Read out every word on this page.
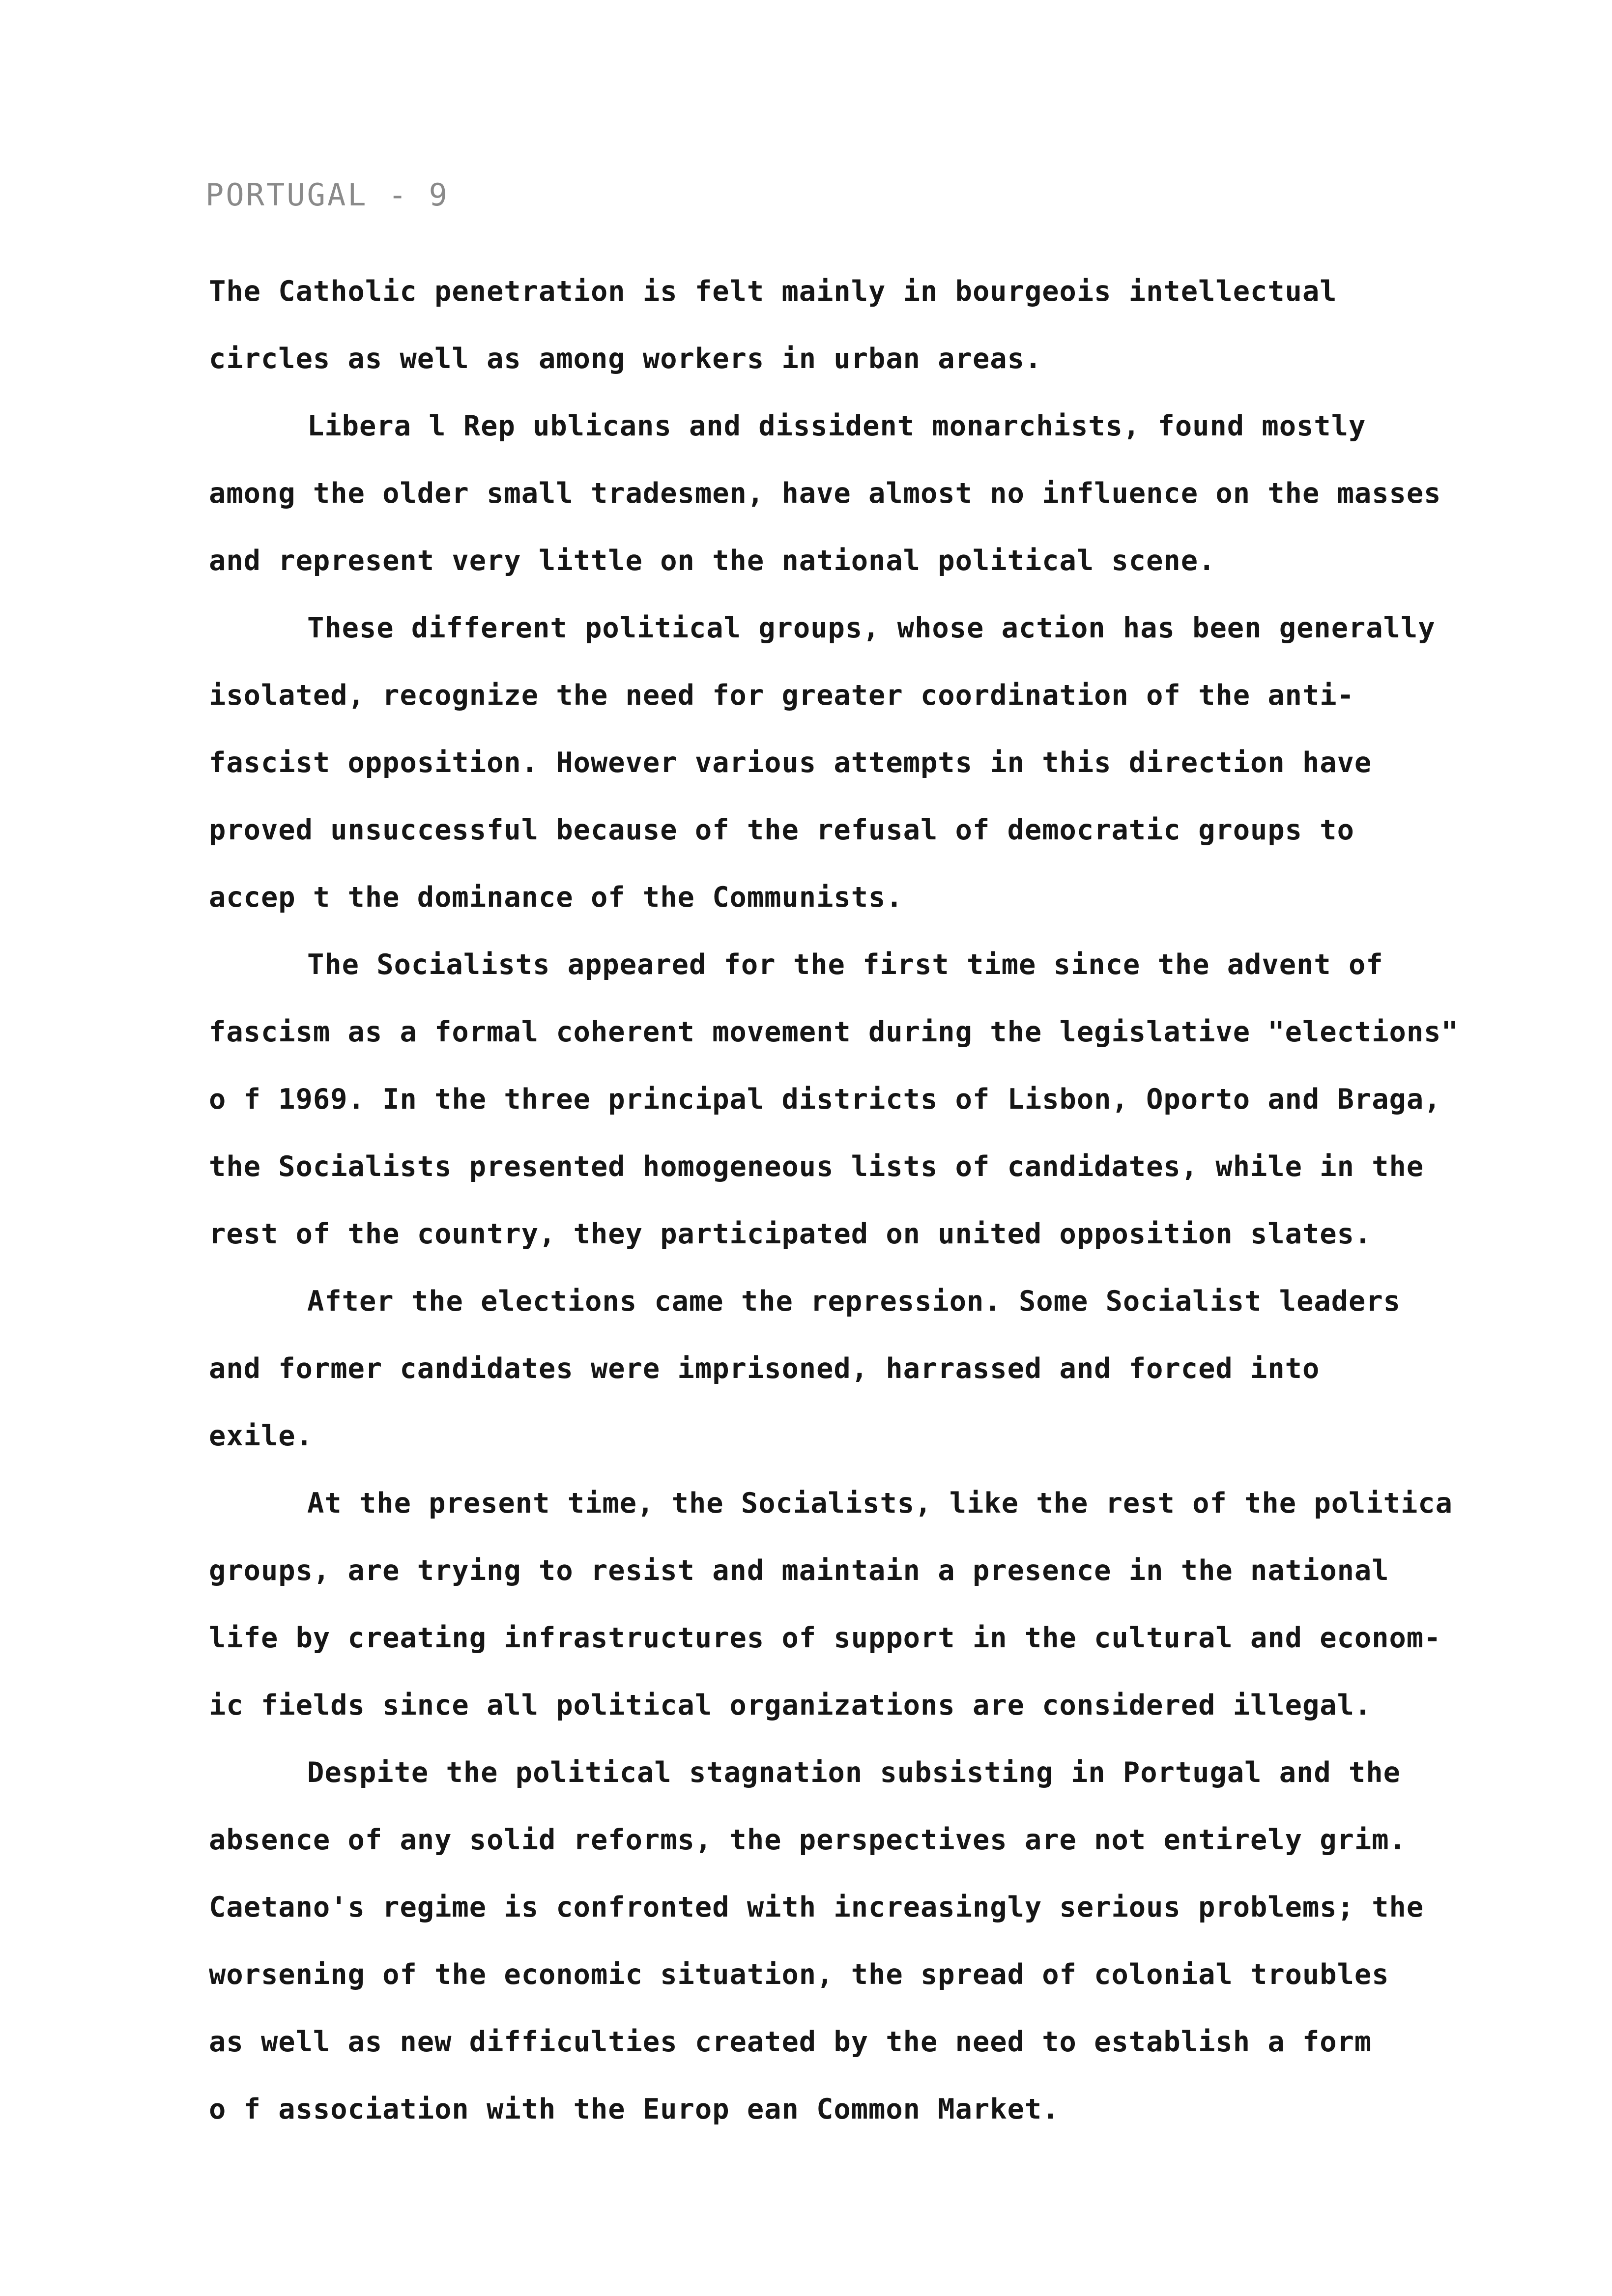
PORTUGAL - 9
The Catholic penetration is felt mainly in bourgeois intellectual
circles as well as among workers in urban areas.
Libera l Rep ublicans and dissident monarchists, found mostly
among the older small tradesmen, have almost no influence on the masses
and represent very little on the national political scene.
These different political groups, whose action has been generally
isolated, recognize the need for greater coordination of the anti-
fascist opposition. However various attempts in this direction have
proved unsuccessful because of the refusal of democratic groups to
accep t the dominance of the Communists.
The Socialists appeared for the first time since the advent of
fascism as a formal coherent movement during the legislative "elections"
o f 1969. In the three principal districts of Lisbon, Oporto and Braga,
the Socialists presented homogeneous lists of candidates, while in the
rest of the country, they participated on united opposition slates.
After the elections came the repression. Some Socialist leaders
and former candidates were imprisoned, harrassed and forced into
exile.
At the present time, the Socialists, like the rest of the politica
groups, are trying to resist and maintain a presence in the national
life by creating infrastructures of support in the cultural and econom-
ic fields since all political organizations are considered illegal.
Despite the political stagnation subsisting in Portugal and the
absence of any solid reforms, the perspectives are not entirely grim.
Caetano's regime is confronted with increasingly serious problems; the
worsening of the economic situation, the spread of colonial troubles
as well as new difficulties created by the need to establish a form
o f association with the Europ ean Common Market.
